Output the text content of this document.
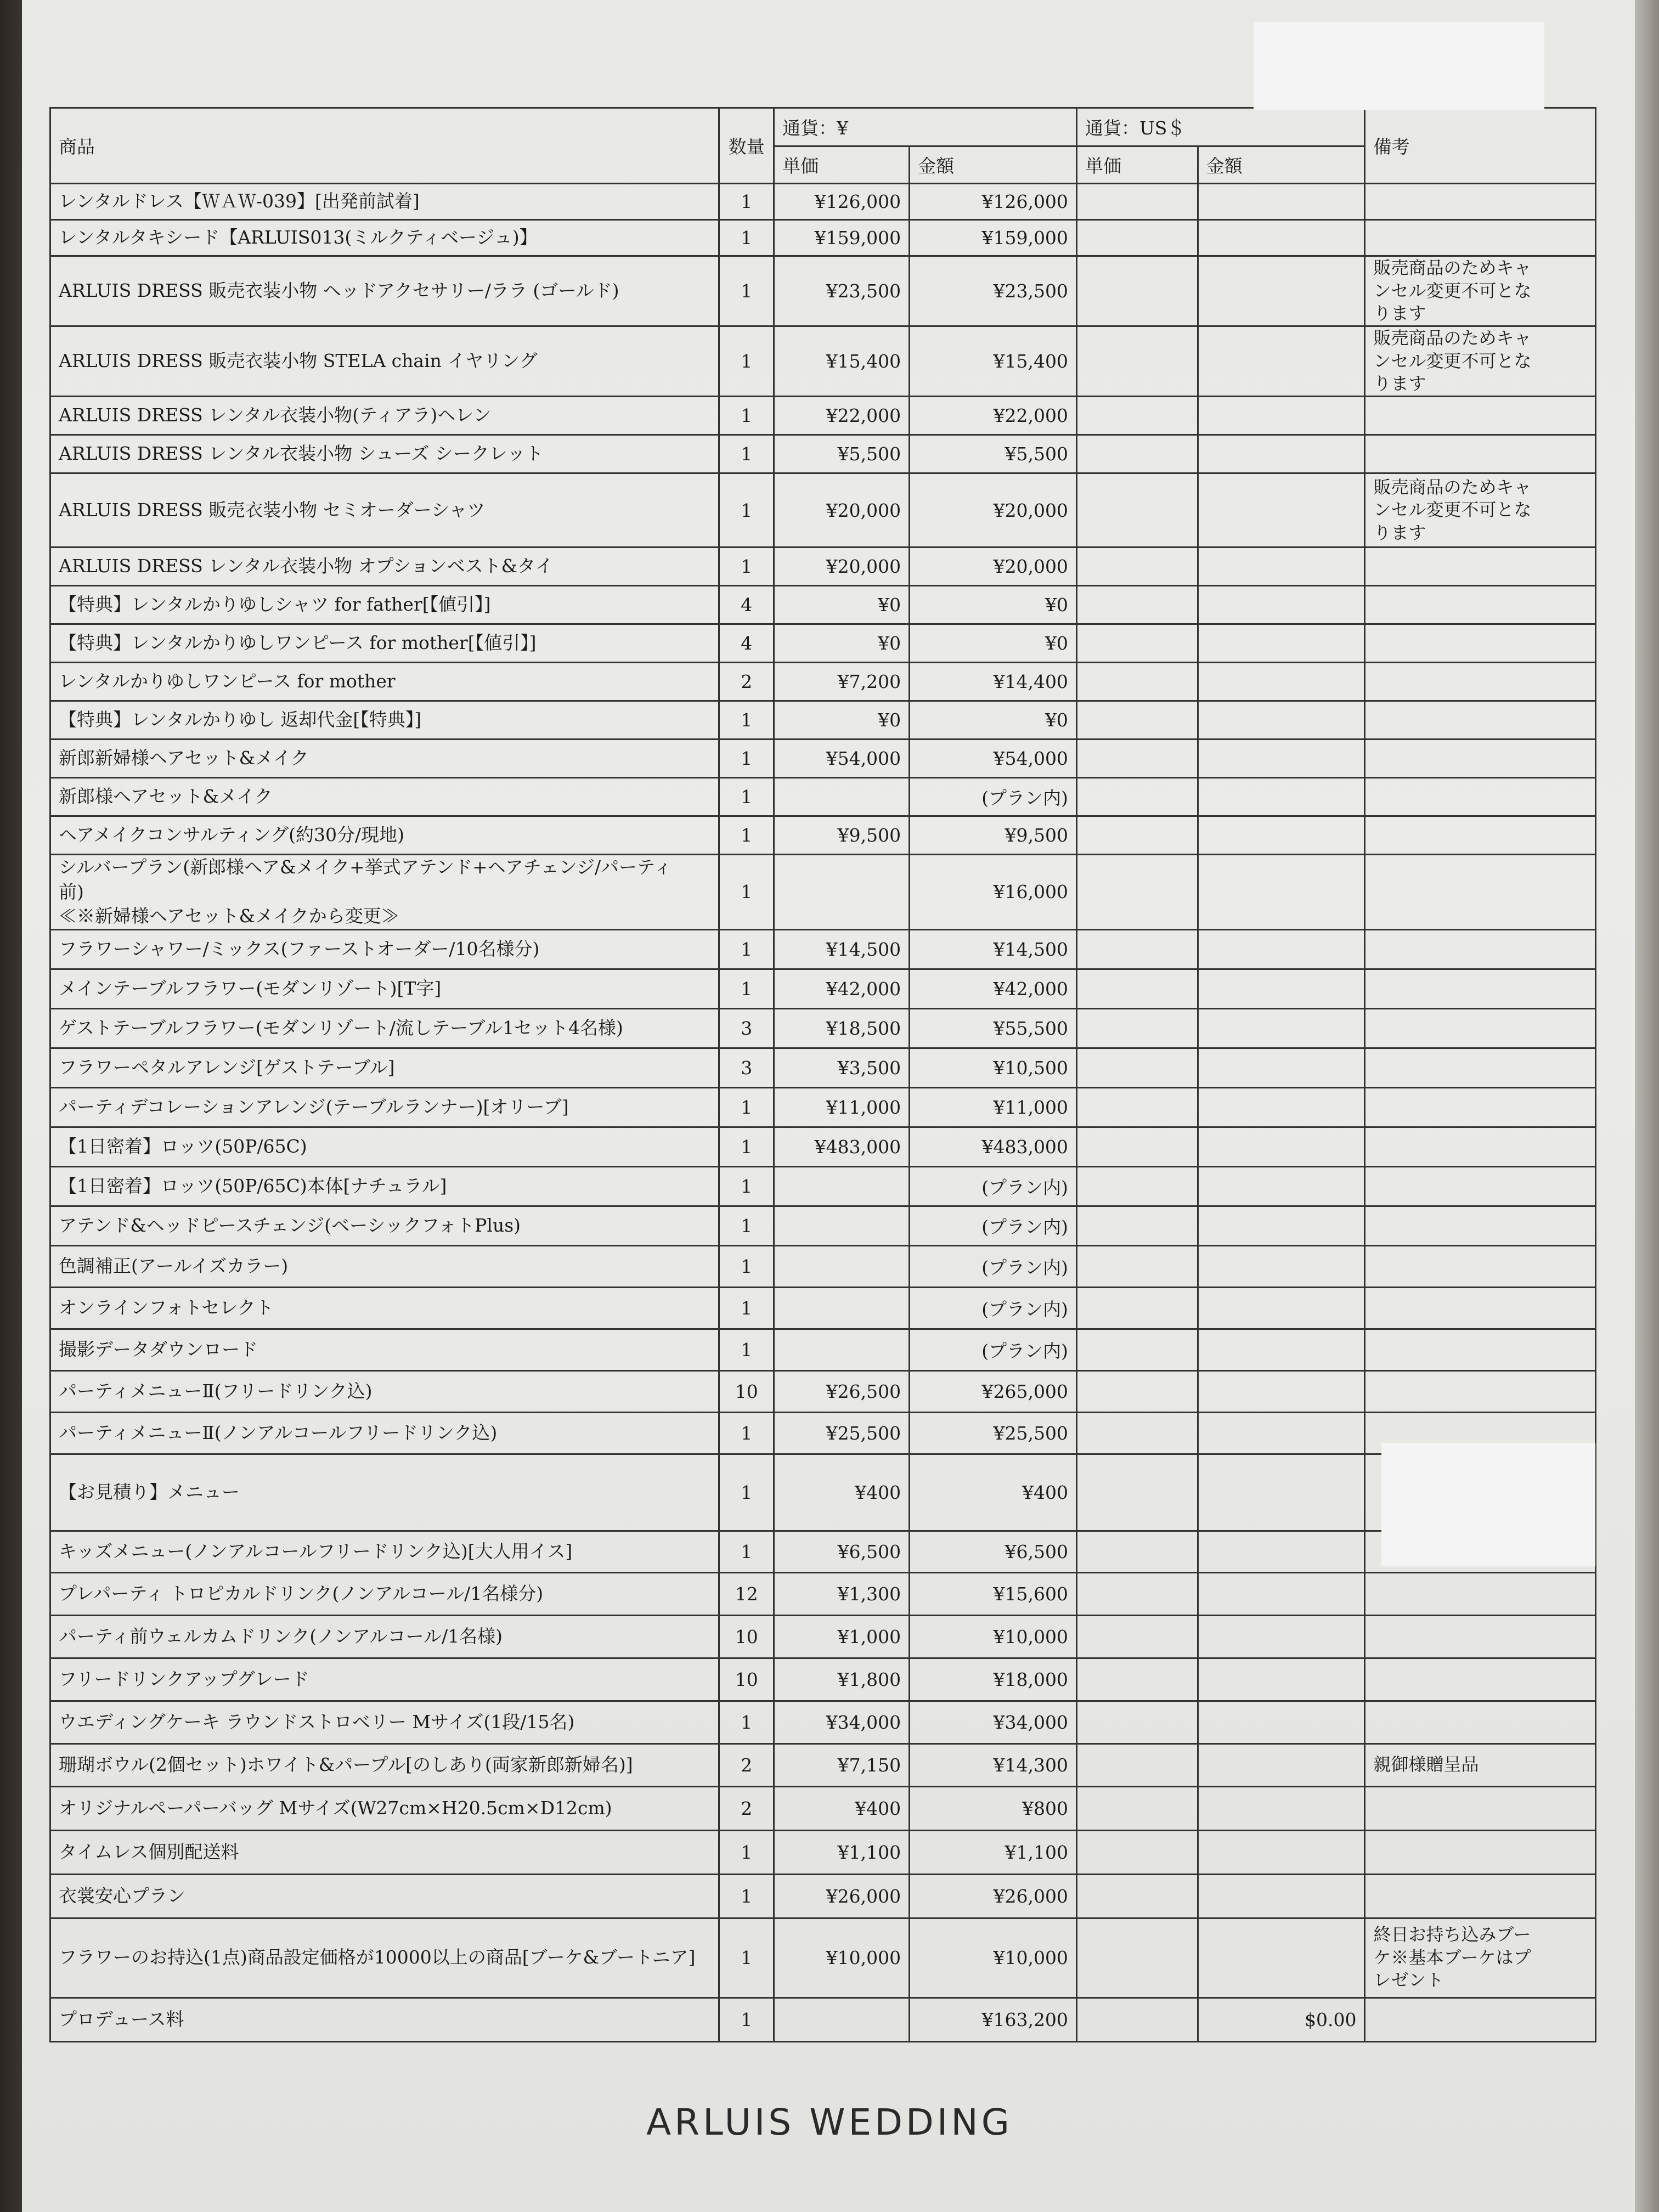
商品	数量	通貨：¥		通貨：US＄		備考
		単価	金額	単価	金額	
レンタルドレス【ＷＡＷ-039】[出発前試着]	1	¥126,000	¥126,000			
レンタルタキシード【ARLUIS013(ミルクティベージュ)】	1	¥159,000	¥159,000			
ARLUIS DRESS 販売衣装小物 ヘッドアクセサリー/ララ (ゴールド)	1	¥23,500	¥23,500			販売商品のためキャ
ンセル変更不可とな
ります
ARLUIS DRESS 販売衣装小物 STELA chain イヤリング	1	¥15,400	¥15,400			販売商品のためキャ
ンセル変更不可とな
ります
ARLUIS DRESS レンタル衣装小物(ティアラ)ヘレン	1	¥22,000	¥22,000			
ARLUIS DRESS レンタル衣装小物 シューズ シークレット	1	¥5,500	¥5,500			
ARLUIS DRESS 販売衣装小物 セミオーダーシャツ	1	¥20,000	¥20,000			販売商品のためキャ
ンセル変更不可とな
ります
ARLUIS DRESS レンタル衣装小物 オプションベスト&タイ	1	¥20,000	¥20,000			
【特典】レンタルかりゆしシャツ for father[【値引】]	4	¥0	¥0			
【特典】レンタルかりゆしワンピース for mother[【値引】]	4	¥0	¥0			
レンタルかりゆしワンピース for mother	2	¥7,200	¥14,400			
【特典】レンタルかりゆし 返却代金[【特典】]	1	¥0	¥0			
新郎新婦様ヘアセット&メイク	1	¥54,000	¥54,000			
新郎様ヘアセット&メイク	1		(プラン内)			
ヘアメイクコンサルティング(約30分/現地)	1	¥9,500	¥9,500			
シルバープラン(新郎様ヘア&メイク+挙式アテンド+ヘアチェンジ/パーティ
前)
≪※新婦様ヘアセット&メイクから変更≫	1		¥16,000			
フラワーシャワー/ミックス(ファーストオーダー/10名様分)	1	¥14,500	¥14,500			
メインテーブルフラワー(モダンリゾート)[T字]	1	¥42,000	¥42,000			
ゲストテーブルフラワー(モダンリゾート/流しテーブル1セット4名様)	3	¥18,500	¥55,500			
フラワーペタルアレンジ[ゲストテーブル]	3	¥3,500	¥10,500			
パーティデコレーションアレンジ(テーブルランナー)[オリーブ]	1	¥11,000	¥11,000			
【1日密着】ロッツ(50P/65C)	1	¥483,000	¥483,000			
【1日密着】ロッツ(50P/65C)本体[ナチュラル]	1		(プラン内)			
アテンド&ヘッドピースチェンジ(ベーシックフォトPlus)	1		(プラン内)			
色調補正(アールイズカラー)	1		(プラン内)			
オンラインフォトセレクト	1		(プラン内)			
撮影データダウンロード	1		(プラン内)			
パーティメニューⅡ(フリードリンク込)	10	¥26,500	¥265,000			
パーティメニューⅡ(ノンアルコールフリードリンク込)	1	¥25,500	¥25,500			
【お見積り】メニュー	1	¥400	¥400			
キッズメニュー(ノンアルコールフリードリンク込)[大人用イス]	1	¥6,500	¥6,500			
プレパーティ トロピカルドリンク(ノンアルコール/1名様分)	12	¥1,300	¥15,600			
パーティ前ウェルカムドリンク(ノンアルコール/1名様)	10	¥1,000	¥10,000			
フリードリンクアップグレード	10	¥1,800	¥18,000			
ウエディングケーキ ラウンドストロベリー Mサイズ(1段/15名)	1	¥34,000	¥34,000			
珊瑚ボウル(2個セット)ホワイト&パープル[のしあり(両家新郎新婦名)]	2	¥7,150	¥14,300			親御様贈呈品
オリジナルペーパーバッグ Mサイズ(W27cm×H20.5cm×D12cm)	2	¥400	¥800			
タイムレス個別配送料	1	¥1,100	¥1,100			
衣裳安心プラン	1	¥26,000	¥26,000			
フラワーのお持込(1点)商品設定価格が10000以上の商品[ブーケ&ブートニア]	1	¥10,000	¥10,000			終日お持ち込みブー
ケ※基本ブーケはプ
レゼント
プロデュース料	1		¥163,200		$0.00	
ARLUIS WEDDING
